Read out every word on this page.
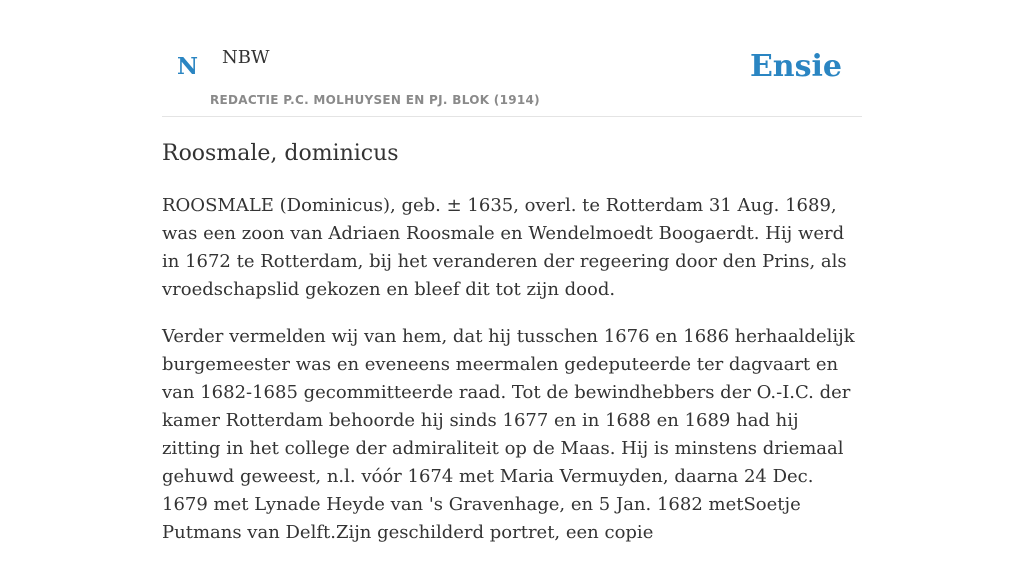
N NBW
REDACTIE P.C. MOLHUYSEN EN PJ. BLOK (1914)
Ensie
Roosmale, dominicus

ROOSMALE (Dominicus), geb. ± 1635, overl. te Rotterdam 31 Aug. 1689, was een zoon van Adriaen Roosmale en Wendelmoedt Boogaerdt. Hij werd in 1672 te Rotterdam, bij het veranderen der regeering door den Prins, als vroedschapslid gekozen en bleef dit tot zijn dood.

Verder vermelden wij van hem, dat hij tusschen 1676 en 1686 herhaaldelijk burgemeester was en eveneens meermalen gedeputeerde ter dagvaart en van 1682-1685 gecommitteerde raad. Tot de bewindhebbers der O.-I.C. der kamer Rotterdam behoorde hij sinds 1677 en in 1688 en 1689 had hij zitting in het college der admiraliteit op de Maas. Hij is minstens driemaal gehuwd geweest, n.l. vóór 1674 met Maria Vermuyden, daarna 24 Dec. 1679 met Lynade Heyde van 's Gravenhage, en 5 Jan. 1682 metSoetje Putmans van Delft.Zijn geschilderd portret, een copie
